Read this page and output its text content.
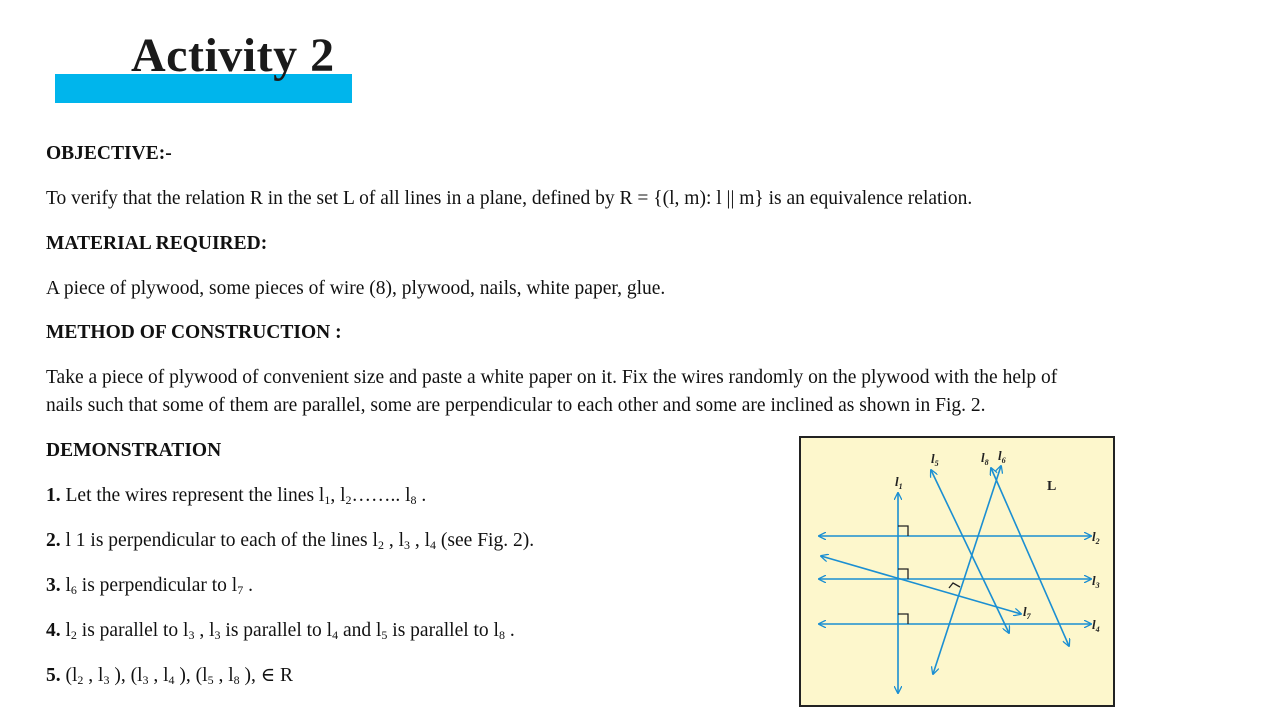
Activity 2

OBJECTIVE:-

To verify that the relation R in the set L of all lines in a plane, defined by R = {(l, m): l || m} is an equivalence relation.

MATERIAL REQUIRED:

A piece of plywood, some pieces of wire (8), plywood, nails, white paper, glue.

METHOD OF CONSTRUCTION :

Take a piece of plywood of convenient size and paste a white paper on it. Fix the wires randomly on the plywood with the help of

nails such that some of them are parallel, some are perpendicular to each other and some are inclined as shown in Fig. 2.

DEMONSTRATION

1. Let the wires represent the lines $l_1$, $l_2\dots\dots$.. $l_8$ .

2. l 1 is perpendicular to each of the lines $l_2$ , $l_3$ , $l_4$ (see Fig. 2).

3. $l_6$ is perpendicular to $l_7$ .

4. $l_2$ is parallel to $l_3$ , $l_3$ is parallel to $l_4$ and $l_5$ is parallel to $l_8$ .

5. ($l_2$ , $l_3$ ), ($l_3$ , $l_4$ ), ($l_5$ , $l_8$ ), ∈ R

L
$l_1$
$l_2$
$l_3$
$l_4$
$l_5$	$l_8$ $l_6$
$l_7$
